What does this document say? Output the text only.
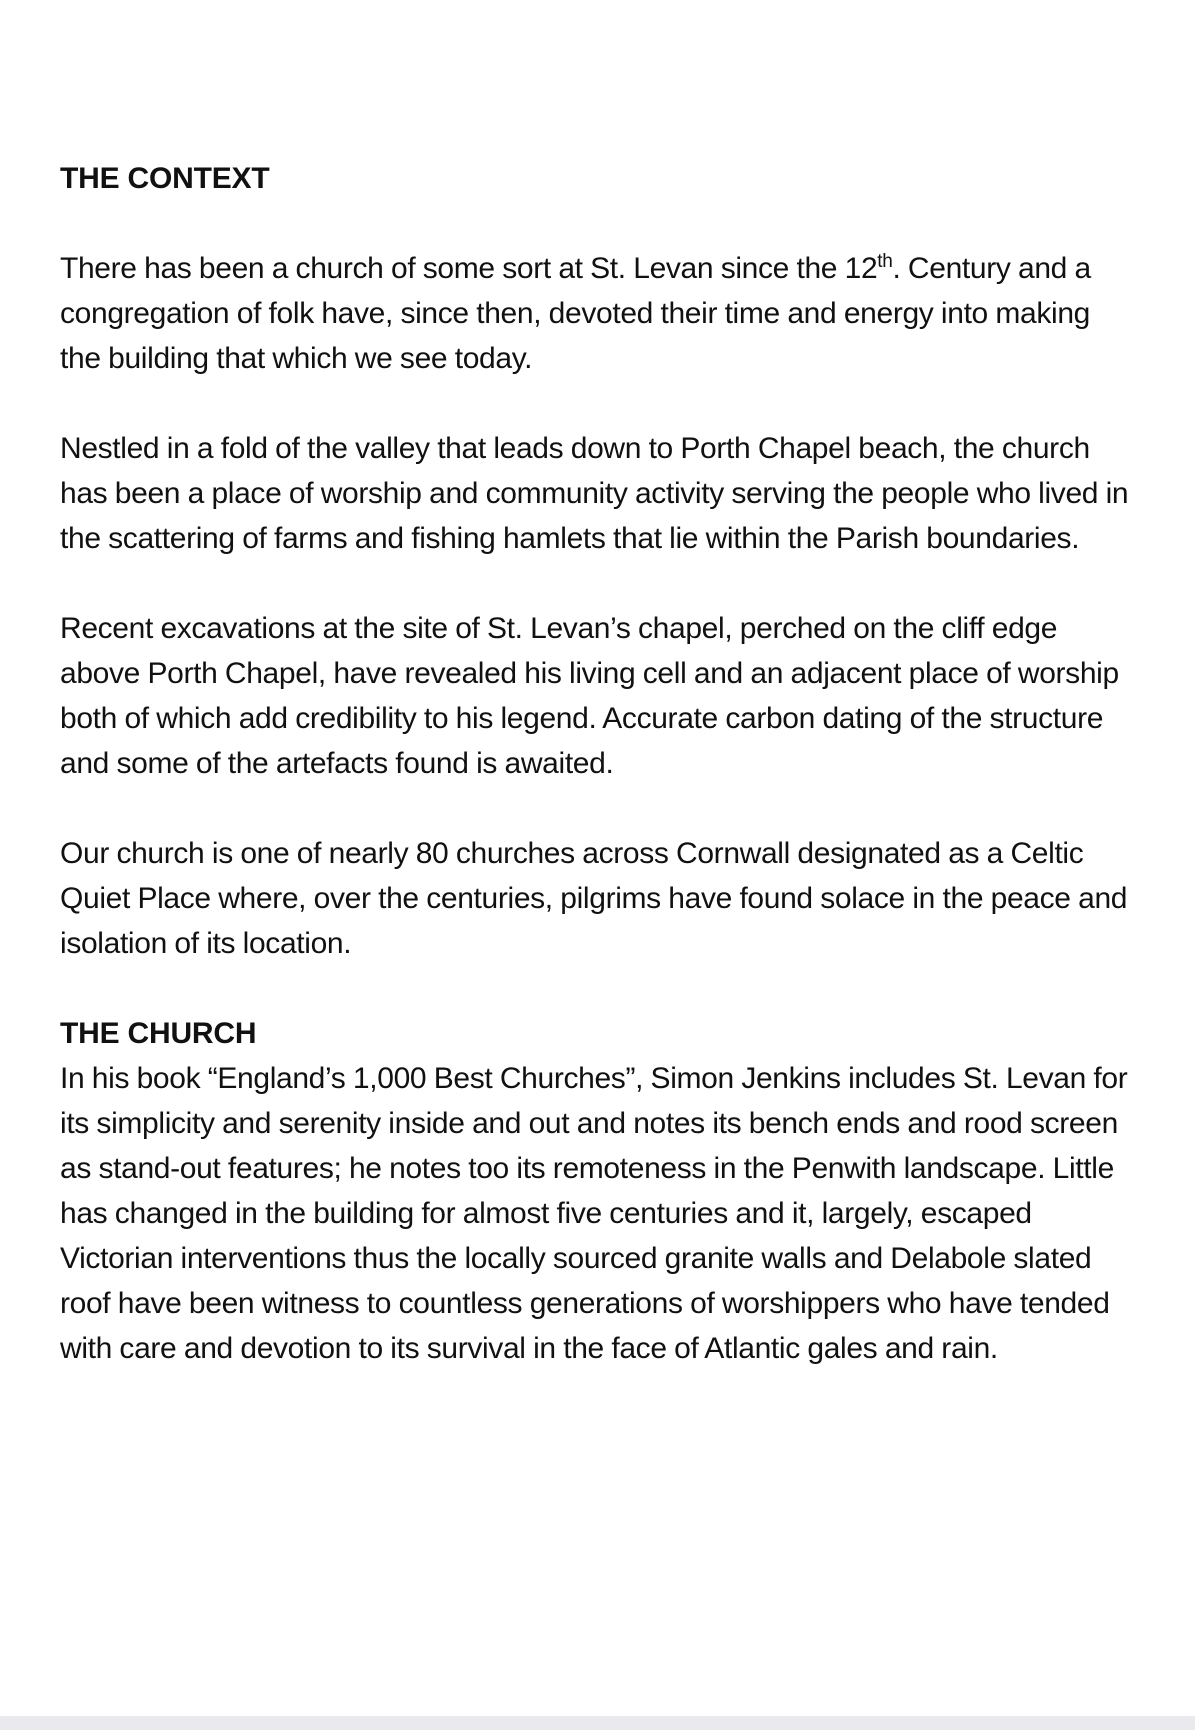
THE CONTEXT

There has been a church of some sort at St. Levan since the 12th. Century and a congregation of folk have, since then, devoted their time and energy into making the building that which we see today.

Nestled in a fold of the valley that leads down to Porth Chapel beach, the church has been a place of worship and community activity serving the people who lived in the scattering of farms and fishing hamlets that lie within the Parish boundaries.

Recent excavations at the site of St. Levan’s chapel, perched on the cliff edge above Porth Chapel, have revealed his living cell and an adjacent place of worship both of which add credibility to his legend. Accurate carbon dating of the structure and some of the artefacts found is awaited.

Our church is one of nearly 80 churches across Cornwall designated as a Celtic Quiet Place where, over the centuries, pilgrims have found solace in the peace and isolation of its location.

THE CHURCH

In his book “England’s 1,000 Best Churches”, Simon Jenkins includes St. Levan for its simplicity and serenity inside and out and notes its bench ends and rood screen as stand-out features; he notes too its remoteness in the Penwith landscape. Little has changed in the building for almost five centuries and it, largely, escaped Victorian interventions thus the locally sourced granite walls and Delabole slated roof have been witness to countless generations of worshippers who have tended with care and devotion to its survival in the face of Atlantic gales and rain.
